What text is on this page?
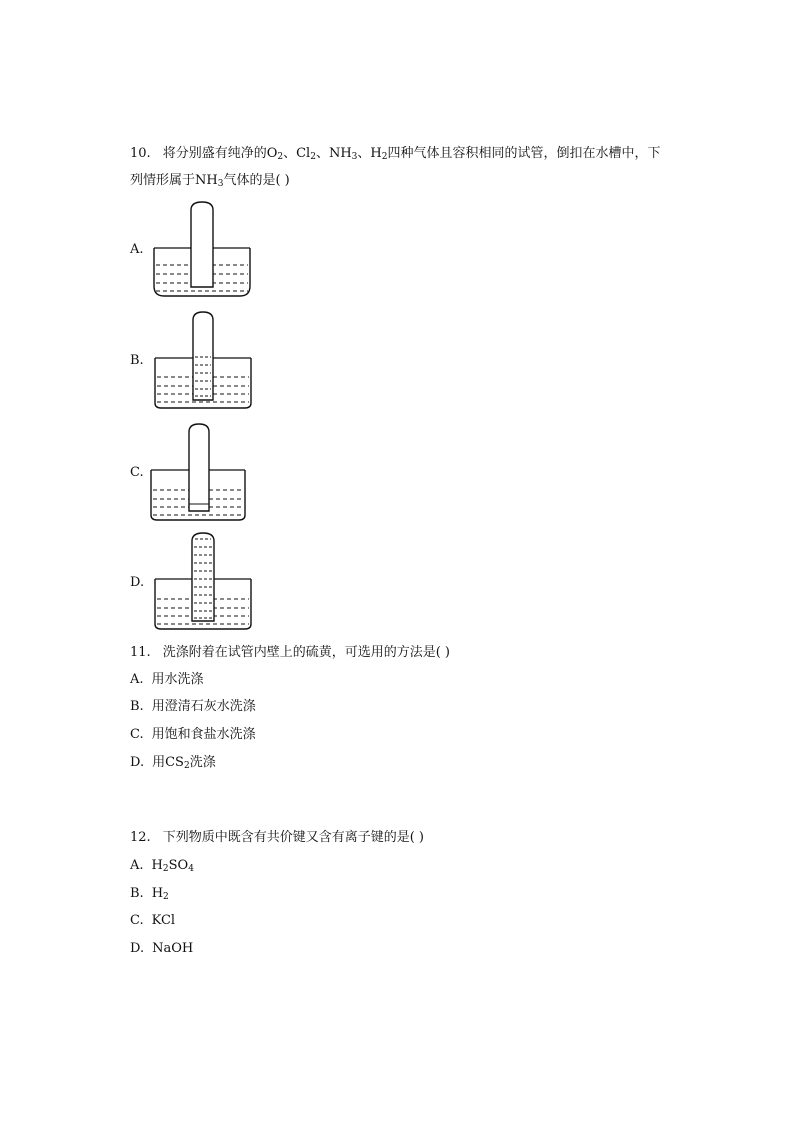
10. 将分别盛有纯净的$O_2$、$Cl_2$、$NH_3$、$H_2$四种气体且容积相同的试管，倒扣在水槽中，下
列情形属于$NH_3$气体的是( )
A.
B.
C.
D.
11. 洗涤附着在试管内壁上的硫黄，可选用的方法是( )
A. 用水洗涤
B. 用澄清石灰水洗涤
C. 用饱和食盐水洗涤
D. 用$CS_2$洗涤
12. 下列物质中既含有共价键又含有离子键的是( )
A. $H_2SO_4$
B. $H_2$
C. KCl
D. NaOH
